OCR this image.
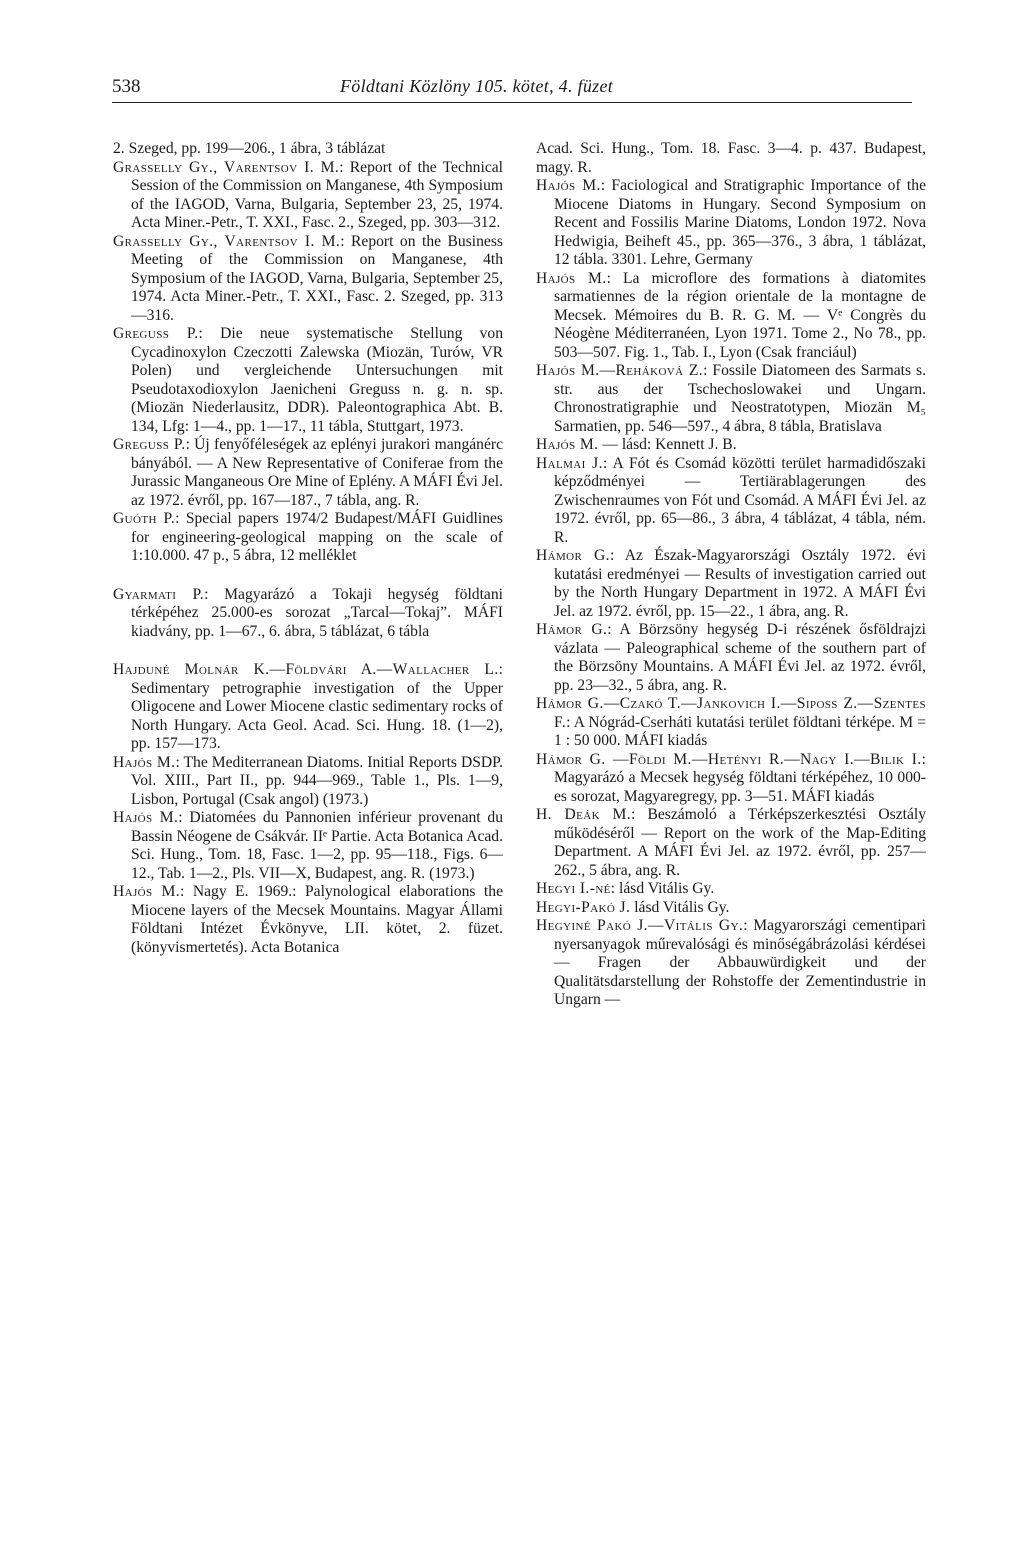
538	Földtani Közlöny 105. kötet, 4. füzet

2. Szeged, pp. 199—206., 1 ábra, 3 táblázat

Grasselly Gy., Varentsov I. M.: Report of the Technical Session of the Commission on Manganese, 4th Symposium of the IAGOD, Varna, Bulgaria, September 23, 25, 1974. Acta Miner.-Petr., T. XXI., Fasc. 2., Szeged, pp. 303—312.

Grasselly Gy., Varentsov I. M.: Report on the Business Meeting of the Commission on Manganese, 4th Symposium of the IAGOD, Varna, Bulgaria, September 25, 1974. Acta Miner.-Petr., T. XXI., Fasc. 2. Szeged, pp. 313—316.

Greguss P.: Die neue systematische Stellung von Cycadinoxylon Czeczotti Zalewska (Miozän, Turów, VR Polen) und vergleichende Untersuchungen mit Pseudotaxodioxylon Jaenicheni Greguss n. g. n. sp. (Miozän Niederlausitz, DDR). Paleontographica Abt. B. 134, Lfg: 1—4., pp. 1—17., 11 tábla, Stuttgart, 1973.

Greguss P.: Új fenyőféleségek az eplényi jurakori mangánérc bányából. — A New Representative of Coniferae from the Jurassic Manganeous Ore Mine of Eplény. A MÁFI Évi Jel. az 1972. évről, pp. 167—187., 7 tábla, ang. R.

Guóth P.: Special papers 1974/2 Budapest/MÁFI Guidlines for engineering-geological mapping on the scale of 1:10.000. 47 p., 5 ábra, 12 melléklet

Gyarmati P.: Magyarázó a Tokaji hegység földtani térképéhez 25.000-es sorozat „Tarcal—Tokaj”. MÁFI kiadvány, pp. 1—67., 6. ábra, 5 táblázat, 6 tábla

Hajduné Molnár K.—Földvári A.—Wallacher L.: Sedimentary petrographie investigation of the Upper Oligocene and Lower Miocene clastic sedimentary rocks of North Hungary. Acta Geol. Acad. Sci. Hung. 18. (1—2), pp. 157—173.

Hajós M.: The Mediterranean Diatoms. Initial Reports DSDP. Vol. XIII., Part II., pp. 944—969., Table 1., Pls. 1—9, Lisbon, Portugal (Csak angol) (1973.)

Hajós M.: Diatomées du Pannonien inférieur provenant du Bassin Néogene de Csákvár. IIᵉ Partie. Acta Botanica Acad. Sci. Hung., Tom. 18, Fasc. 1—2, pp. 95—118., Figs. 6—12., Tab. 1—2., Pls. VII—X, Budapest, ang. R. (1973.)

Hajós M.: Nagy E. 1969.: Palynological elaborations the Miocene layers of the Mecsek Mountains. Magyar Állami Földtani Intézet Évkönyve, LII. kötet, 2. füzet. (könyvismertetés). Acta Botanica

Acad. Sci. Hung., Tom. 18. Fasc. 3—4. p. 437. Budapest, magy. R.

Hajós M.: Faciological and Stratigraphic Importance of the Miocene Diatoms in Hungary. Second Symposium on Recent and Fossilis Marine Diatoms, London 1972. Nova Hedwigia, Beiheft 45., pp. 365—376., 3 ábra, 1 táblázat, 12 tábla. 3301. Lehre, Germany

Hajós M.: La microflore des formations à diatomites sarmatiennes de la région orientale de la montagne de Mecsek. Mémoires du B. R. G. M. — Vᵉ Congrès du Néogène Méditerranéen, Lyon 1971. Tome 2., No 78., pp. 503—507. Fig. 1., Tab. I., Lyon (Csak franciául)

Hajós M.—Reháková Z.: Fossile Diatomeen des Sarmats s. str. aus der Tschechoslowakei und Ungarn. Chronostratigraphie und Neostratotypen, Miozän M₅ Sarmatien, pp. 546—597., 4 ábra, 8 tábla, Bratislava

Hajós M. — lásd: Kennett J. B.

Halmai J.: A Fót és Csomád közötti terület harmadidőszaki képződményei — Tertiärablagerungen des Zwischenraumes von Fót und Csomád. A MÁFI Évi Jel. az 1972. évről, pp. 65—86., 3 ábra, 4 táblázat, 4 tábla, ném. R.

Hámor G.: Az Észak-Magyarországi Osztály 1972. évi kutatási eredményei — Results of investigation carried out by the North Hungary Department in 1972. A MÁFI Évi Jel. az 1972. évről, pp. 15—22., 1 ábra, ang. R.

Hámor G.: A Börzsöny hegység D-i részének ősföldrajzi vázlata — Paleographical scheme of the southern part of the Börzsöny Mountains. A MÁFI Évi Jel. az 1972. évről, pp. 23—32., 5 ábra, ang. R.

Hámor G.—Czakó T.—Jankovich I.—Siposs Z.—Szentes F.: A Nógrád-Cserháti kutatási terület földtani térképe. M = 1 : 50 000. MÁFI kiadás

Hámor G. —Földi M.—Hetényi R.—Nagy I.—Bilik I.: Magyarázó a Mecsek hegység földtani térképéhez, 10 000-es sorozat, Magyaregregy, pp. 3—51. MÁFI kiadás

H. Deák M.: Beszámoló a Térképszerkesztési Osztály működéséről — Report on the work of the Map-Editing Department. A MÁFI Évi Jel. az 1972. évről, pp. 257—262., 5 ábra, ang. R.

Hegyi I.-né: lásd Vitális Gy.

Hegyi-Pakó J. lásd Vitális Gy.

Hegyiné Pakó J.—Vitális Gy.: Magyarországi cementipari nyersanyagok műrevalósági és minőségábrázolási kérdései — Fragen der Abbauwürdigkeit und der Qualitätsdarstellung der Rohstoffe der Zementindustrie in Ungarn —
